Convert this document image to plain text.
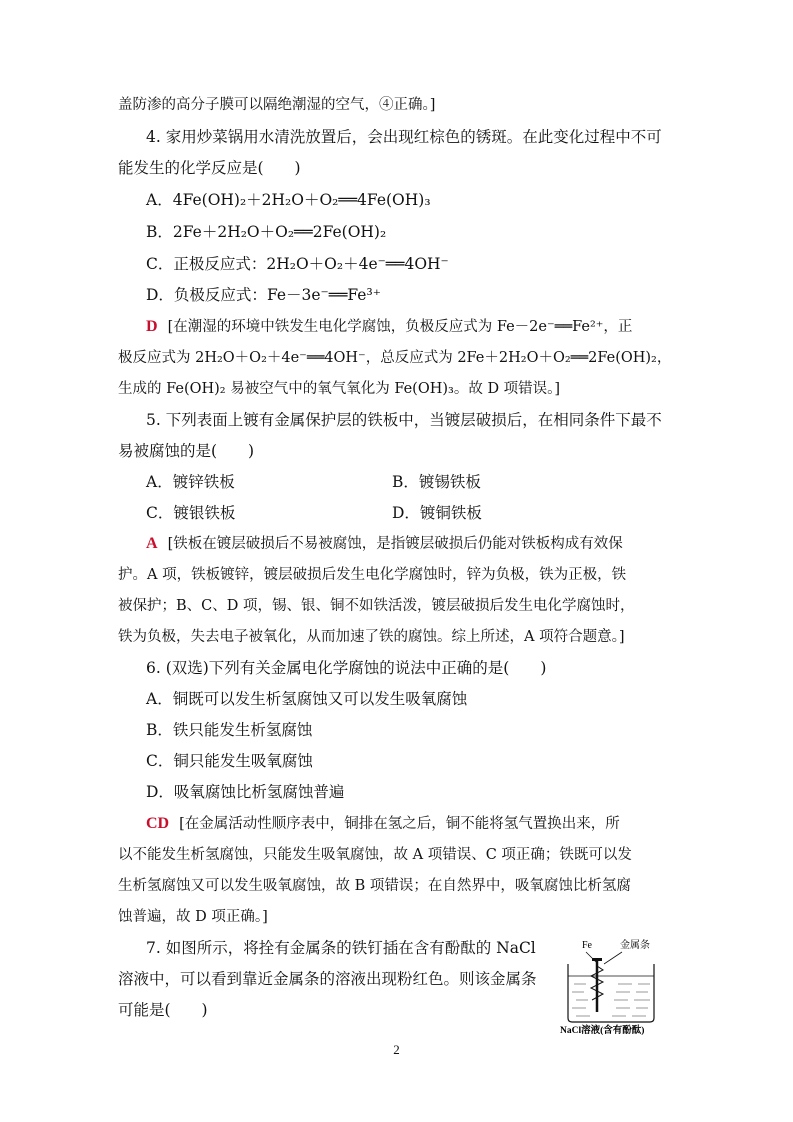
盖防渗的高分子膜可以隔绝潮湿的空气，④正确。]
4. 家用炒菜锅用水清洗放置后，会出现红棕色的锈斑。在此变化过程中不可
能发生的化学反应是(　　)
A．4Fe(OH)₂＋2H₂O＋O₂══4Fe(OH)₃
B．2Fe＋2H₂O＋O₂══2Fe(OH)₂
C．正极反应式：2H₂O＋O₂＋4e⁻══4OH⁻
D．负极反应式：Fe－3e⁻══Fe³⁺
D [在潮湿的环境中铁发生电化学腐蚀，负极反应式为 Fe－2e⁻══Fe²⁺，正
极反应式为 2H₂O＋O₂＋4e⁻══4OH⁻，总反应式为 2Fe＋2H₂O＋O₂══2Fe(OH)₂，
生成的 Fe(OH)₂ 易被空气中的氧气氧化为 Fe(OH)₃。故 D 项错误。]
5. 下列表面上镀有金属保护层的铁板中，当镀层破损后，在相同条件下最不
易被腐蚀的是(　　)
A．镀锌铁板	B．镀锡铁板
C．镀银铁板	D．镀铜铁板
A [铁板在镀层破损后不易被腐蚀，是指镀层破损后仍能对铁板构成有效保
护。A 项，铁板镀锌，镀层破损后发生电化学腐蚀时，锌为负极，铁为正极，铁
被保护；B、C、D 项，锡、银、铜不如铁活泼，镀层破损后发生电化学腐蚀时，
铁为负极，失去电子被氧化，从而加速了铁的腐蚀。综上所述，A 项符合题意。]
6. (双选)下列有关金属电化学腐蚀的说法中正确的是(　　)
A．铜既可以发生析氢腐蚀又可以发生吸氧腐蚀
B．铁只能发生析氢腐蚀
C．铜只能发生吸氧腐蚀
D．吸氧腐蚀比析氢腐蚀普遍
CD [在金属活动性顺序表中，铜排在氢之后，铜不能将氢气置换出来，所
以不能发生析氢腐蚀，只能发生吸氧腐蚀，故 A 项错误、C 项正确；铁既可以发
生析氢腐蚀又可以发生吸氧腐蚀，故 B 项错误；在自然界中，吸氧腐蚀比析氢腐
蚀普遍，故 D 项正确。]
7. 如图所示，将拴有金属条的铁钉插在含有酚酞的 NaCl
溶液中，可以看到靠近金属条的溶液出现粉红色。则该金属条
可能是(　　)
Fe	金属条
NaCl溶液(含有酚酞)
2
